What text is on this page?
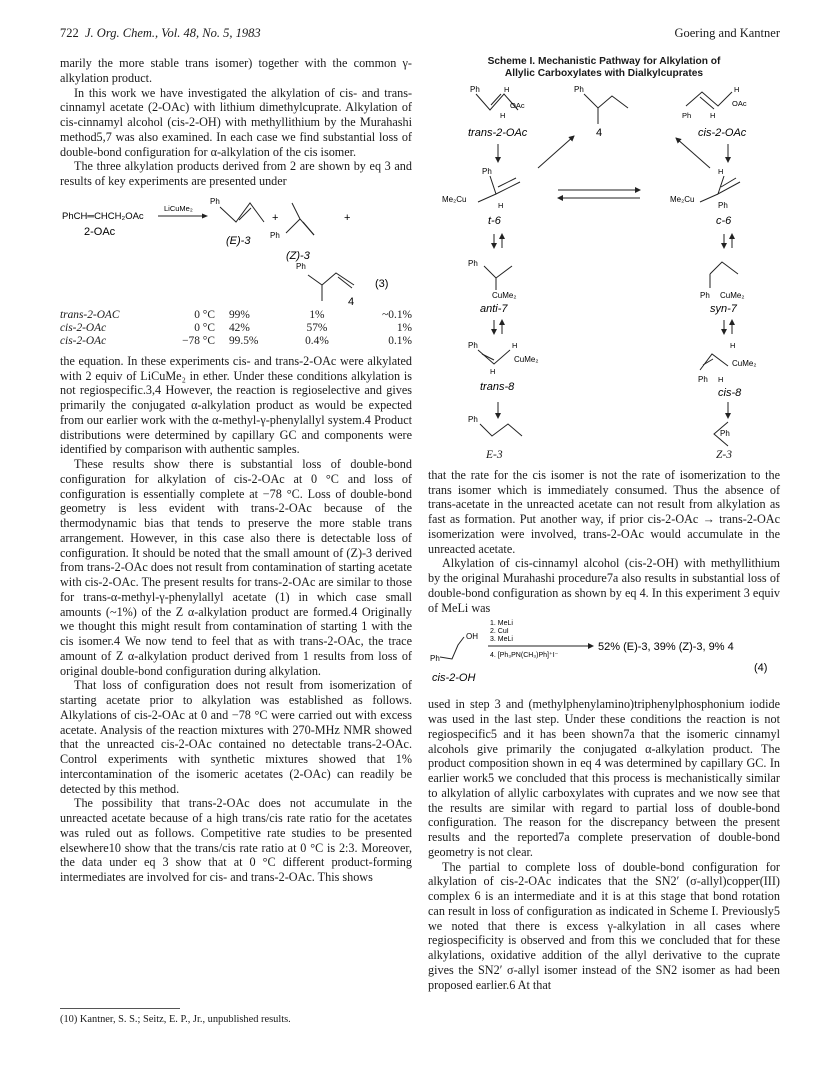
722 J. Org. Chem., Vol. 48, No. 5, 1983	Goering and Kantner

marily the more stable trans isomer) together with the common γ-alkylation product.

In this work we have investigated the alkylation of cis- and trans-cinnamyl acetate (2-OAc) with lithium dimethylcuprate. Alkylation of cis-cinnamyl alcohol (cis-2-OH) with methyllithium by the Murahashi method5,7 was also examined. In each case we find substantial loss of double-bond configuration for α-alkylation of the cis isomer.

The three alkylation products derived from 2 are shown by eq 3 and results of key experiments are presented under

PhCH═CHCH₂OAc
2-OAc
LiCuMe₂
Ph
(E)-3
+
Ph
+
(Z)-3
Ph
(3)
4
trans-2-OAC	0 °C	99%	1%	~0.1%
cis-2-OAc	0 °C	42%	57%	1%
cis-2-OAc	−78 °C	99.5%	0.4%	0.1%

the equation. In these experiments cis- and trans-2-OAc were alkylated with 2 equiv of LiCuMe₂ in ether. Under these conditions alkylation is not regiospecific.3,4 However, the reaction is regioselective and gives primarily the conjugated α-alkylation product as would be expected from our earlier work with the α-methyl-γ-phenylallyl system.4 Product distributions were determined by capillary GC and components were identified by comparison with authentic samples.

These results show there is substantial loss of double-bond configuration for alkylation of cis-2-OAc at 0 °C and loss of configuration is essentially complete at −78 °C. Loss of double-bond geometry is less evident with trans-2-OAc because of the thermodynamic bias that tends to preserve the more stable trans arrangement. However, in this case also there is detectable loss of configuration. It should be noted that the small amount of (Z)-3 derived from trans-2-OAc does not result from contamination of starting acetate with cis-2-OAc. The present results for trans-2-OAc are similar to those for trans-α-methyl-γ-phenylallyl acetate (1) in which case small amounts (~1%) of the Z α-alkylation product are formed.4 Originally we thought this might result from contamination of starting 1 with the cis isomer.4 We now tend to feel that as with trans-2-OAc, the trace amount of Z α-alkylation product derived from 1 results from loss of original double-bond configuration during alkylation.

That loss of configuration does not result from isomerization of starting acetate prior to alkylation was established as follows. Alkylations of cis-2-OAc at 0 and −78 °C were carried out with excess acetate. Analysis of the reaction mixtures with 270-MHz NMR showed that the unreacted cis-2-OAc contained no detectable trans-2-OAc. Control experiments with synthetic mixtures showed that 1% intercontamination of the isomeric acetates (2-OAc) can readily be detected by this method.

The possibility that trans-2-OAc does not accumulate in the unreacted acetate because of a high trans/cis rate ratio for the acetates was ruled out as follows. Competitive rate studies to be presented elsewhere10 show that the trans/cis rate ratio at 0 °C is 2:3. Moreover, the data under eq 3 show that at 0 °C different product-forming intermediates are involved for cis- and trans-2-OAc. This shows

(10) Kantner, S. S.; Seitz, E. P., Jr., unpublished results.
Scheme I. Mechanistic Pathway for Alkylation of
Allylic Carboxylates with Dialkylcuprates
Ph	H
OAc
H
trans-2-OAc
Ph
4
H
OAc
Ph	H
cis-2-OAc
Ph
Me₂Cu
H
t-6
H
Me₂Cu
Ph
c-6
Ph
CuMe₂
anti-7
Ph CuMe₂
syn-7
Ph	H
CuMe₂
H
trans-8
H
CuMe₂
Ph H
cis-8
Ph
Ph
E-3	Z-3

that the rate for the cis isomer is not the rate of isomerization to the trans isomer which is immediately consumed. Thus the absence of trans-acetate in the unreacted acetate can not result from alkylation as fast as formation. Put another way, if prior cis-2-OAc → trans-2-OAc isomerization were involved, trans-2-OAc would accumulate in the unreacted acetate.

Alkylation of cis-cinnamyl alcohol (cis-2-OH) with methyllithium by the original Murahashi procedure7a also results in substantial loss of double-bond configuration as shown by eq 4. In this experiment 3 equiv of MeLi was

1. MeLi
2. CuI
3. MeLi
4. [Ph₃PN(CH₃)Ph]⁺I⁻
OH
Ph
52% (E)-3, 39% (Z)-3, 9% 4
cis-2-OH
(4)

used in step 3 and (methylphenylamino)triphenylphosphonium iodide was used in the last step. Under these conditions the reaction is not regiospecific5 and it has been shown7a that the isomeric cinnamyl alcohols give primarily the conjugated α-alkylation product. The product composition shown in eq 4 was determined by capillary GC. In earlier work5 we concluded that this process is mechanistically similar to alkylation of allylic carboxylates with cuprates and we now see that the results are similar with regard to partial loss of double-bond configuration. The reason for the discrepancy between the present results and the reported7a complete preservation of double-bond geometry is not clear.

The partial to complete loss of double-bond configuration for alkylation of cis-2-OAc indicates that the SN2′ (σ-allyl)copper(III) complex 6 is an intermediate and it is at this stage that bond rotation can result in loss of configuration as indicated in Scheme I. Previously5 we noted that there is excess γ-alkylation in all cases where regiospecificity is observed and from this we concluded that for these alkylations, oxidative addition of the allyl derivative to the cuprate gives the SN2′ σ-allyl isomer instead of the SN2 isomer as had been proposed earlier.6 At that
